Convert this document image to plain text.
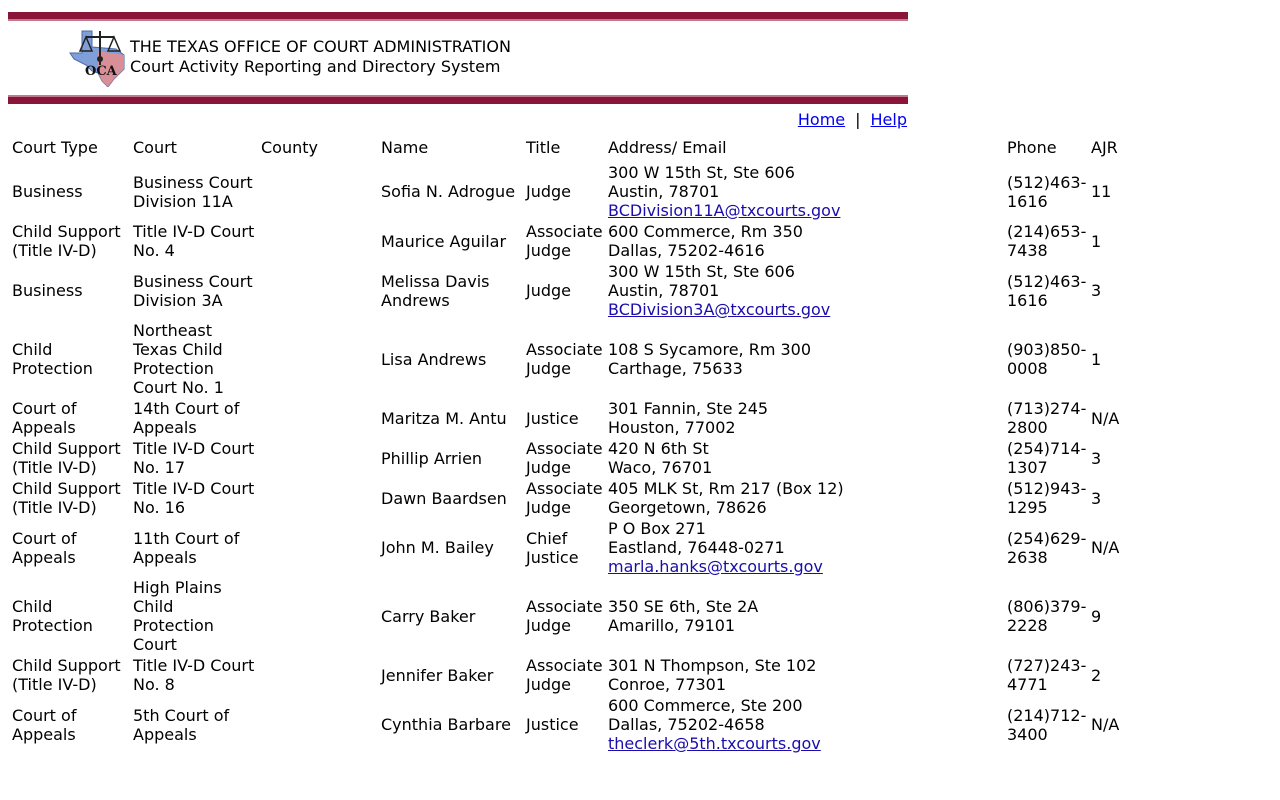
OCA
THE TEXAS OFFICE OF COURT ADMINISTRATION
Court Activity Reporting and Directory System
Home | Help
Court Type	Court	County	Name	Title	Address/ Email	Phone	AJR
Business	Business Court Division 11A		Sofia N. Adrogue	Judge	300 W 15th St, Ste 606
Austin, 78701
BCDivision11A@txcourts.gov	(512)463-1616	11
Child Support (Title IV-D)	Title IV-D Court No. 4		Maurice Aguilar	Associate Judge	600 Commerce, Rm 350
Dallas, 75202-4616	(214)653-7438	1
Business	Business Court Division 3A		Melissa Davis Andrews	Judge	300 W 15th St, Ste 606
Austin, 78701
BCDivision3A@txcourts.gov	(512)463-1616	3
Child Protection	Northeast Texas Child Protection Court No. 1		Lisa Andrews	Associate Judge	108 S Sycamore, Rm 300
Carthage, 75633	(903)850-0008	1
Court of Appeals	14th Court of Appeals		Maritza M. Antu	Justice	301 Fannin, Ste 245
Houston, 77002	(713)274-2800	N/A
Child Support (Title IV-D)	Title IV-D Court No. 17		Phillip Arrien	Associate Judge	420 N 6th St
Waco, 76701	(254)714-1307	3
Child Support (Title IV-D)	Title IV-D Court No. 16		Dawn Baardsen	Associate Judge	405 MLK St, Rm 217 (Box 12)
Georgetown, 78626	(512)943-1295	3
Court of Appeals	11th Court of Appeals		John M. Bailey	Chief Justice	P O Box 271
Eastland, 76448-0271
marla.hanks@txcourts.gov	(254)629-2638	N/A
Child Protection	High Plains Child Protection Court		Carry Baker	Associate Judge	350 SE 6th, Ste 2A
Amarillo, 79101	(806)379-2228	9
Child Support (Title IV-D)	Title IV-D Court No. 8		Jennifer Baker	Associate Judge	301 N Thompson, Ste 102
Conroe, 77301	(727)243-4771	2
Court of Appeals	5th Court of Appeals		Cynthia Barbare	Justice	600 Commerce, Ste 200
Dallas, 75202-4658
theclerk@5th.txcourts.gov	(214)712-3400	N/A
